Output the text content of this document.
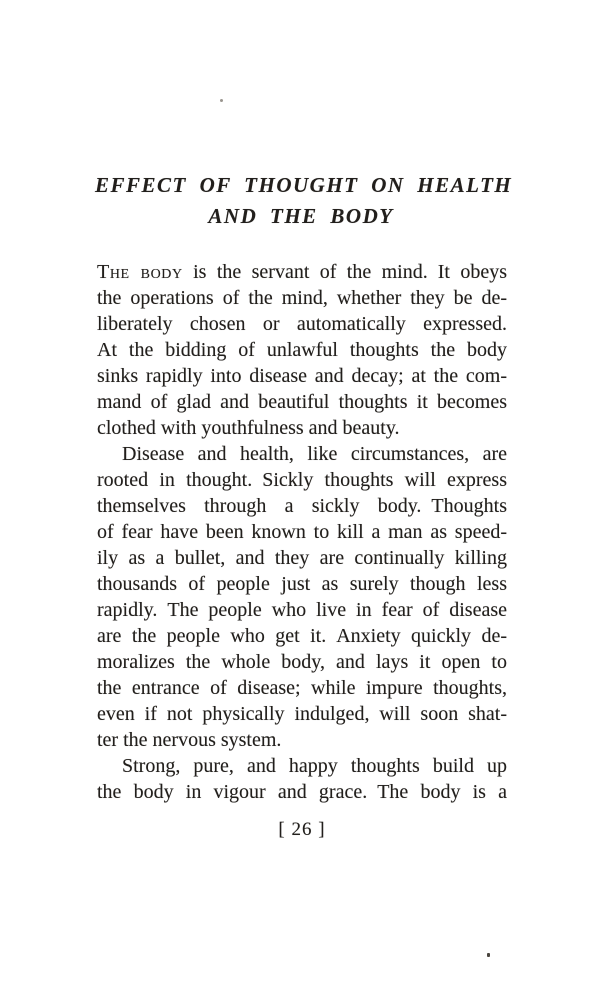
EFFECT OF THOUGHT ON HEALTH
AND THE BODY
The body is the servant of the mind. It obeys
the operations of the mind, whether they be de-
liberately chosen or automatically expressed.
At the bidding of unlawful thoughts the body
sinks rapidly into disease and decay; at the com-
mand of glad and beautiful thoughts it becomes
clothed with youthfulness and beauty.
Disease and health, like circumstances, are
rooted in thought. Sickly thoughts will express
themselves through a sickly body. Thoughts
of fear have been known to kill a man as speed-
ily as a bullet, and they are continually killing
thousands of people just as surely though less
rapidly. The people who live in fear of disease
are the people who get it. Anxiety quickly de-
moralizes the whole body, and lays it open to
the entrance of disease; while impure thoughts,
even if not physically indulged, will soon shat-
ter the nervous system.
Strong, pure, and happy thoughts build up
the body in vigour and grace. The body is a
[ 26 ]
